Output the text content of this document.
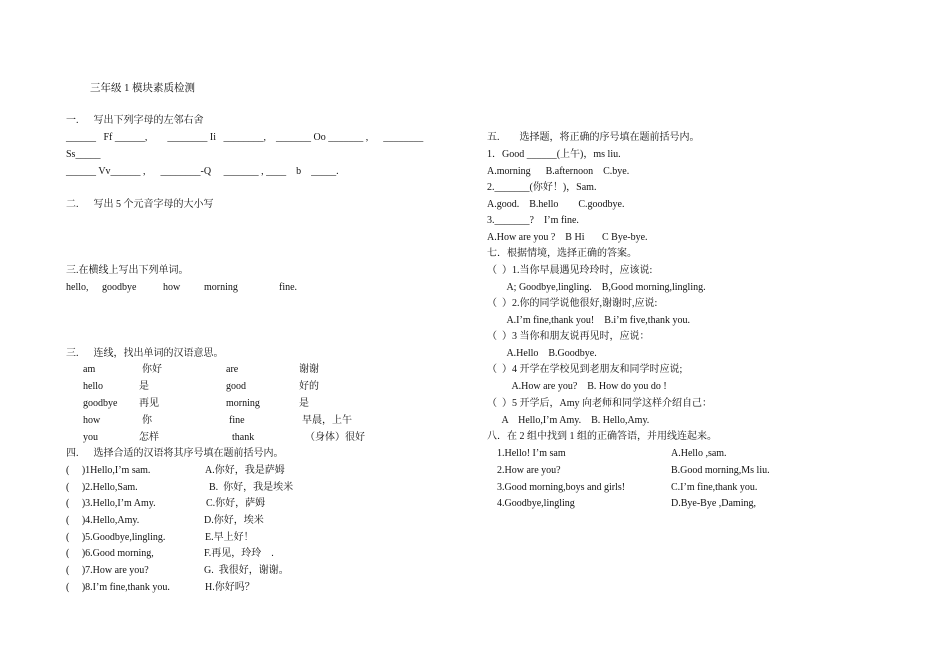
三年级 1 模块素质检测
一.      写出下列字母的左邻右舍
______   Ff ______,        ________ Ii   ________,    _______ Oo _______ ,      ________
Ss_____
______ Vv______ ,      ________-Q     _______ , ____    b    _____.
二.      写出 5 个元音字母的大小写
三.在横线上写出下列单词。
hello, goodbye	how morning	fine.
三.      连线，找出单词的汉语意思。
am	你好	are	谢谢
hello	是	good	好的
goodbye 再见	morning	是
how	你	fine	早晨，上午
you	怎样	thank	（身体）很好
四.      选择合适的汉语将其序号填在题前括号内。
(     )1Hello,I’m sam.	A.你好，我是萨姆
(     )2.Hello,Sam.	B.  你好，我是埃米
(     )3.Hello,I’m Amy.	C.你好，萨姆
(     )4.Hello,Amy.	D.你好，埃米
(     )5.Goodbye,lingling.	E.早上好！
(     )6.Good morning,	F.再见，玲玲    .
(     )7.How are you?	G.  我很好，谢谢。
(     )8.I’m fine,thank you.	H.你好吗？
五.        选择题，将正确的序号填在题前括号内。
1．Good ______(上午)，ms liu.
A.morning      B.afternoon    C.bye.
2._______(你好！)，Sam.
A.good.    B.hello        C.goodbye.
3._______?    I’m fine.
A.How are you ?    B Hi       C Bye-bye.
七．根据情境，选择正确的答案。
（  ）1.当你早晨遇见玲玲时，应该说:
A; Goodbye,lingling.    B,Good morning,lingling.
（  ）2.你的同学说他很好,谢谢时,应说:
A.I’m fine,thank you!    B.i’m five,thank you.
（  ）3 当你和朋友说再见时，应说：
A.Hello    B.Goodbye.
（  ）4 开学在学校见到老朋友和同学时应说;
A.How are you?    B. How do you do !
（  ）5 开学后，Amy 向老师和同学这样介绍自己：
A    Hello,I’m Amy.    B. Hello,Amy.
八．在 2 组中找到 1 组的正确答语，并用线连起来。
1.Hello! I’m sam	A.Hello ,sam.
2.How are you?	B.Good morning,Ms liu.
3.Good morning,boys and girls!	C.I’m fine,thank you.
4.Goodbye,lingling	D.Bye-Bye ,Daming,
